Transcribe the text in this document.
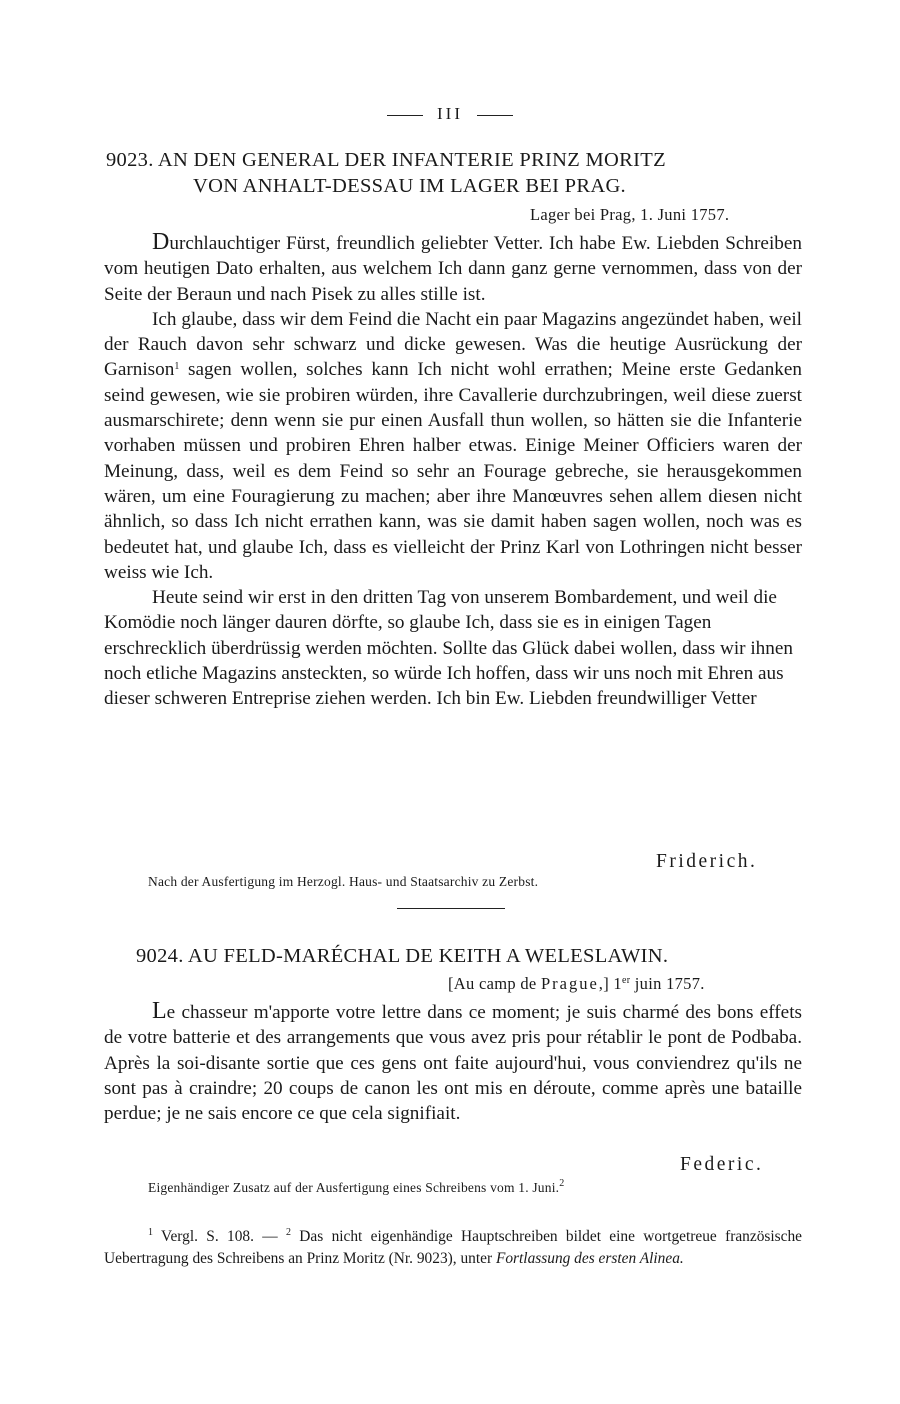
III
9023. AN DEN GENERAL DER INFANTERIE PRINZ MORITZ
VON ANHALT-DESSAU IM LAGER BEI PRAG.
Lager bei Prag, 1. Juni 1757.

Durchlauchtiger Fürst, freundlich geliebter Vetter. Ich habe Ew. Liebden Schreiben vom heutigen Dato erhalten, aus welchem Ich dann ganz gerne vernommen, dass von der Seite der Beraun und nach Pisek zu alles stille ist.

Ich glaube, dass wir dem Feind die Nacht ein paar Magazins angezündet haben, weil der Rauch davon sehr schwarz und dicke gewesen. Was die heutige Ausrückung der Garnison$^1$ sagen wollen, solches kann Ich nicht wohl errathen; Meine erste Gedanken seind gewesen, wie sie probiren würden, ihre Cavallerie durchzubringen, weil diese zuerst ausmarschirete; denn wenn sie pur einen Ausfall thun wollen, so hätten sie die Infanterie vorhaben müssen und probiren Ehren halber etwas. Einige Meiner Officiers waren der Meinung, dass, weil es dem Feind so sehr an Fourage gebreche, sie herausgekommen wären, um eine Fouragierung zu machen; aber ihre Manœuvres sehen allem diesen nicht ähnlich, so dass Ich nicht errathen kann, was sie damit haben sagen wollen, noch was es bedeutet hat, und glaube Ich, dass es vielleicht der Prinz Karl von Lothringen nicht besser weiss wie Ich.

Heute seind wir erst in den dritten Tag von unserem Bombardement, und weil die Komödie noch länger dauren dörfte, so glaube Ich, dass sie es in einigen Tagen erschrecklich überdrüssig werden möchten. Sollte das Glück dabei wollen, dass wir ihnen noch etliche Magazins ansteckten, so würde Ich hoffen, dass wir uns noch mit Ehren aus dieser schweren Entreprise ziehen werden. Ich bin Ew. Liebden freundwilliger Vetter

Friderich.
Nach der Ausfertigung im Herzogl. Haus- und Staatsarchiv zu Zerbst.
9024. AU FELD-MARÉCHAL DE KEITH A WELESLAWIN.
[Au camp de Prague,] 1er juin 1757.

Le chasseur m'apporte votre lettre dans ce moment; je suis charmé des bons effets de votre batterie et des arrangements que vous avez pris pour rétablir le pont de Podbaba. Après la soi-disante sortie que ces gens ont faite aujourd'hui, vous conviendrez qu'ils ne sont pas à craindre; 20 coups de canon les ont mis en déroute, comme après une bataille perdue; je ne sais encore ce que cela signifiait.

Federic.
Eigenhändiger Zusatz auf der Ausfertigung eines Schreibens vom 1. Juni.$^2$

$^1$ Vergl. S. 108. — $^2$ Das nicht eigenhändige Hauptschreiben bildet eine wortgetreue französische Uebertragung des Schreibens an Prinz Moritz (Nr. 9023), unter Fortlassung des ersten Alinea.
